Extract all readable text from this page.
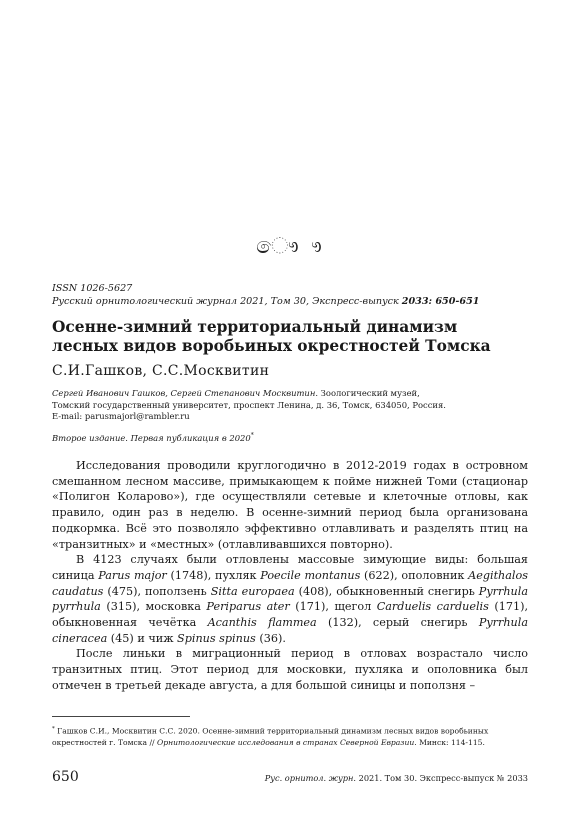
ෞ ෟ
ISSN 1026-5627
Русский орнитологический журнал 2021, Том 30, Экспресс-выпуск 2033: 650-651
Осенне-зимний территориальный динамизм
лесных видов воробьиных окрестностей Томска
С.И.Гашков, С.С.Москвитин
Сергей Иванович Гашков, Сергей Степанович Москвитин. Зоологический музей,
Томский государственный университет, проспект Ленина, д. 36, Томск, 634050, Россия.
E-mail: parusmajorl@rambler.ru
Второе издание. Первая публикация в 2020*

Исследования проводили круглогодично в 2012-2019 годах в островном смешанном лесном массиве, примыкающем к пойме нижней Томи (стационар «Полигон Коларово»), где осуществляли сетевые и клеточные отловы, как правило, один раз в неделю. В осенне-зимний период была организована подкормка. Всё это позволяло эффективно отлавливать и разделять птиц на «транзитных» и «местных» (отлавливавшихся повторно).

В 4123 случаях были отловлены массовые зимующие виды: большая синица Parus major (1748), пухляк Poecile montanus (622), ополовник Aegithalos caudatus (475), поползень Sitta europaea (408), обыкновенный снегирь Pyrrhula pyrrhula (315), московка Periparus ater (171), щегол Carduelis carduelis (171), обыкновенная чечётка Acanthis flammea (132), серый снегирь Pyrrhula cineracea (45) и чиж Spinus spinus (36).

После линьки в миграционный период в отловах возрастало число транзитных птиц. Этот период для московки, пухляка и ополовника был отмечен в третьей декаде августа, а для большой синицы и поползня –

* Гашков С.И., Москвитин С.С. 2020. Осенне-зимний территориальный динамизм лесных видов воробьиных окрестностей г. Томска // Орнитологические исследования в странах Северной Евразии. Минск: 114-115.
650	Рус. орнитол. журн. 2021. Том 30. Экспресс-выпуск № 2033
